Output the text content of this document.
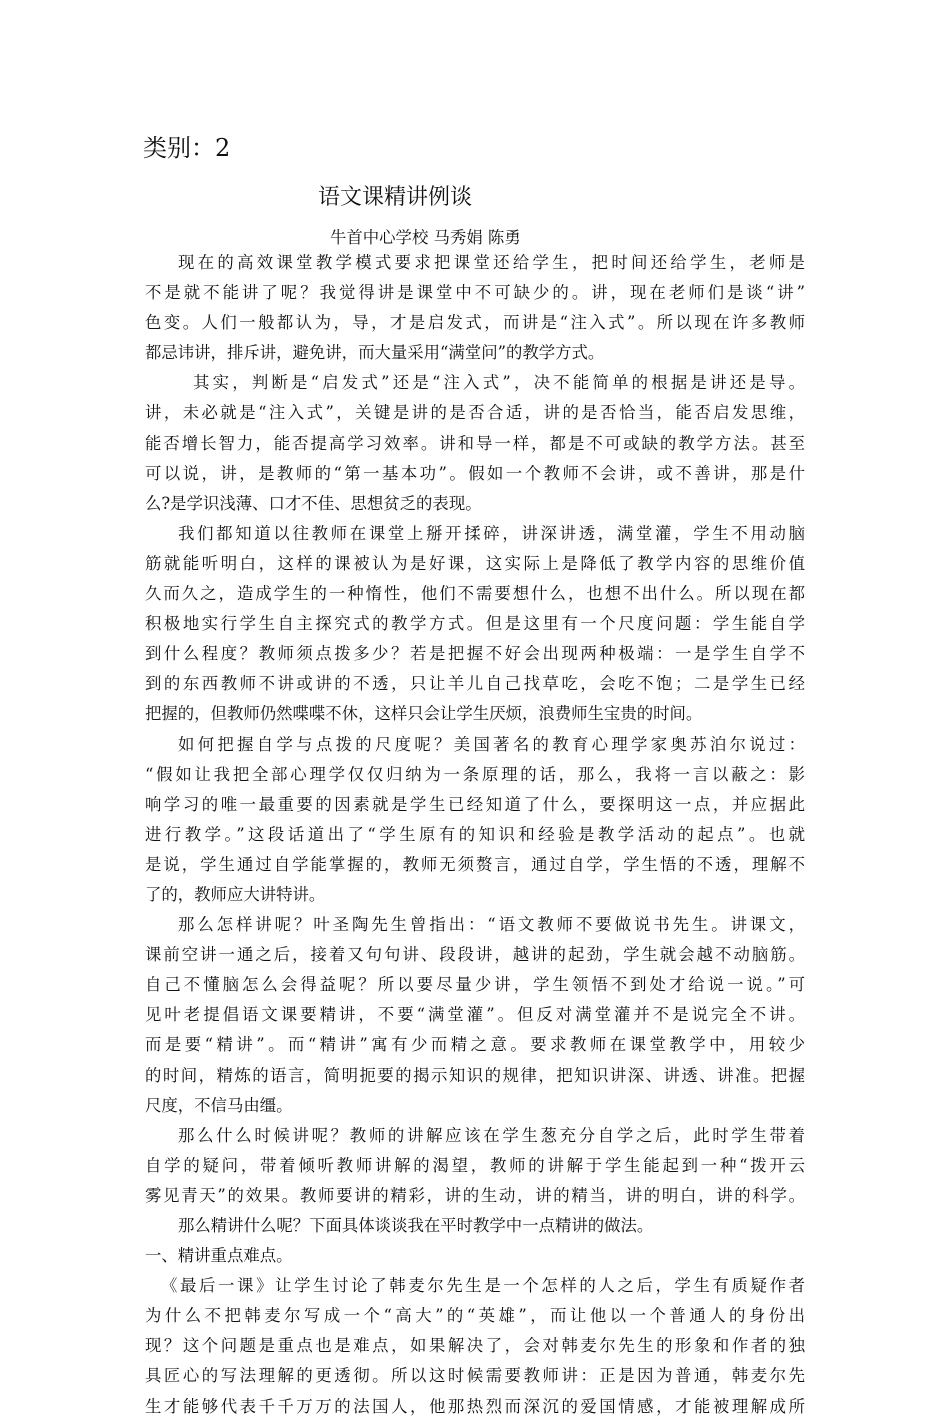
类别：2
语文课精讲例谈
牛首中心学校 马秀娟 陈勇
现在的高效课堂教学模式要求把课堂还给学生，把时间还给学生，老师是
不是就不能讲了呢？我觉得讲是课堂中不可缺少的。讲，现在老师们是谈“讲”
色变。人们一般都认为，导，才是启发式，而讲是“注入式”。所以现在许多教师
都忌讳讲，排斥讲，避免讲，而大量采用“满堂问”的教学方式。
其实，判断是“启发式”还是“注入式”，决不能简单的根据是讲还是导。
讲，未必就是“注入式”，关键是讲的是否合适，讲的是否恰当，能否启发思维，
能否增长智力，能否提高学习效率。讲和导一样，都是不可或缺的教学方法。甚至
可以说，讲，是教师的“第一基本功”。假如一个教师不会讲，或不善讲，那是什
么?是学识浅薄、口才不佳、思想贫乏的表现。
我们都知道以往教师在课堂上掰开揉碎，讲深讲透，满堂灌，学生不用动脑
筋就能听明白，这样的课被认为是好课，这实际上是降低了教学内容的思维价值
久而久之，造成学生的一种惰性，他们不需要想什么，也想不出什么。所以现在都
积极地实行学生自主探究式的教学方式。但是这里有一个尺度问题：学生能自学
到什么程度？教师须点拨多少？若是把握不好会出现两种极端：一是学生自学不
到的东西教师不讲或讲的不透，只让羊儿自己找草吃，会吃不饱；二是学生已经
把握的，但教师仍然喋喋不休，这样只会让学生厌烦，浪费师生宝贵的时间。
如何把握自学与点拨的尺度呢？美国著名的教育心理学家奥苏泊尔说过：
“假如让我把全部心理学仅仅归纳为一条原理的话，那么，我将一言以蔽之：影
响学习的唯一最重要的因素就是学生已经知道了什么，要探明这一点，并应据此
进行教学。”这段话道出了“学生原有的知识和经验是教学活动的起点”。也就
是说，学生通过自学能掌握的，教师无须赘言，通过自学，学生悟的不透，理解不
了的，教师应大讲特讲。
那么怎样讲呢？叶圣陶先生曾指出：“语文教师不要做说书先生。讲课文，
课前空讲一通之后，接着又句句讲、段段讲，越讲的起劲，学生就会越不动脑筋。
自己不懂脑怎么会得益呢？所以要尽量少讲，学生领悟不到处才给说一说。”可
见叶老提倡语文课要精讲，不要“满堂灌”。但反对满堂灌并不是说完全不讲。
而是要“精讲”。而“精讲”寓有少而精之意。要求教师在课堂教学中，用较少
的时间，精炼的语言，简明扼要的揭示知识的规律，把知识讲深、讲透、讲准。把握
尺度，不信马由缰。
那么什么时候讲呢？教师的讲解应该在学生葱充分自学之后，此时学生带着
自学的疑问，带着倾听教师讲解的渴望，教师的讲解于学生能起到一种“拨开云
雾见青天”的效果。教师要讲的精彩，讲的生动，讲的精当，讲的明白，讲的科学。
那么精讲什么呢？下面具体谈谈我在平时教学中一点精讲的做法。
一、精讲重点难点。
《最后一课》让学生讨论了韩麦尔先生是一个怎样的人之后，学生有质疑作者
为什么不把韩麦尔写成一个“高大”的“英雄”，而让他以一个普通人的身份出
现？这个问题是重点也是难点，如果解决了，会对韩麦尔先生的形象和作者的独
具匠心的写法理解的更透彻。所以这时候需要教师讲：正是因为普通，韩麦尔先
生才能够代表千千万万的法国人，他那热烈而深沉的爱国情感，才能被理解成所
